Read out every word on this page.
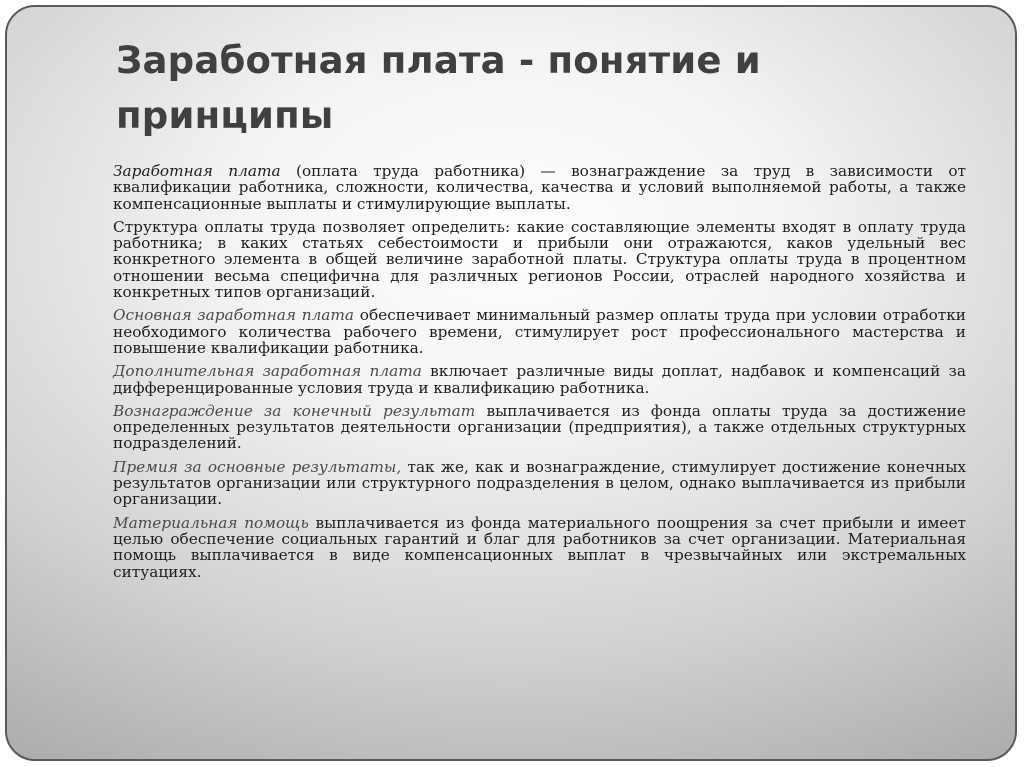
Заработная плата - понятие и принципы

Заработная плата (оплата труда работника) — вознаграждение за труд в зависимости от квалификации работника, сложности, количества, качества и условий выполняемой работы, а также компенсационные выплаты и стимулирующие выплаты.

Структура оплаты труда позволяет определить: какие составляющие элементы входят в оплату труда работника; в каких статьях себестоимости и прибыли они отражаются, каков удельный вес конкретного элемента в общей величине заработной платы. Структура оплаты труда в процентном отношении весьма специфична для различных регионов России, отраслей народного хозяйства и конкретных типов организаций.

Основная заработная плата обеспечивает минимальный размер оплаты труда при условии отработки необходимого количества рабочего времени, стимулирует рост профессионального мастерства и повышение квалификации работника.

Дополнительная заработная плата включает различные виды доплат, надбавок и компенсаций за дифференцированные условия труда и квалификацию работника.

Вознаграждение за конечный результат выплачивается из фонда оплаты труда за достижение определенных результатов деятельности организации (предприятия), а также отдельных структурных подразделений.

Премия за основные результаты, так же, как и вознаграждение, стимулирует достижение конечных результатов организации или структурного подразделения в целом, однако выплачивается из прибыли организации.

Материальная помощь выплачивается из фонда материального поощрения за счет прибыли и имеет целью обеспечение социальных гарантий и благ для работников за счет организации. Материальная помощь выплачивается в виде компенсационных выплат в чрезвычайных или экстремальных ситуациях.
